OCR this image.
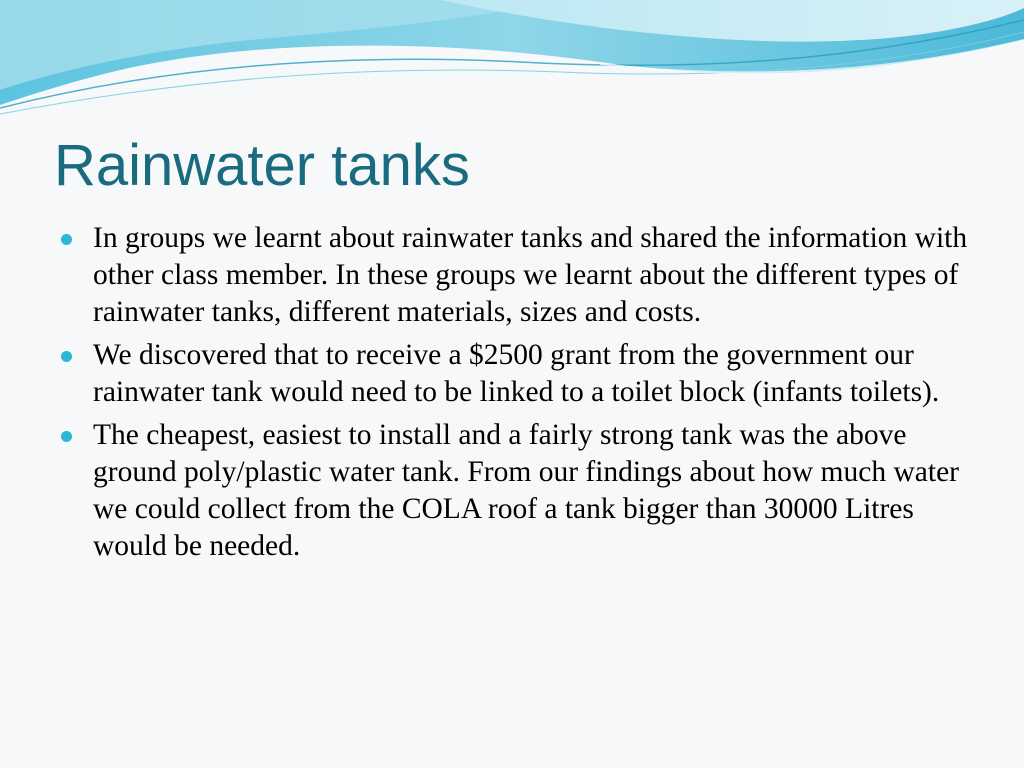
Rainwater tanks
In groups we learnt about rainwater tanks and shared the information with other class member. In these groups we learnt about the different types of rainwater tanks, different materials, sizes and costs.
We discovered that to receive a $2500 grant from the government our rainwater tank would need to be linked to a toilet block (infants toilets).
The cheapest, easiest to install and a fairly strong tank was the above ground poly/plastic water tank. From our findings about how much water we could collect from the COLA roof a tank bigger than 30000 Litres would be needed.
